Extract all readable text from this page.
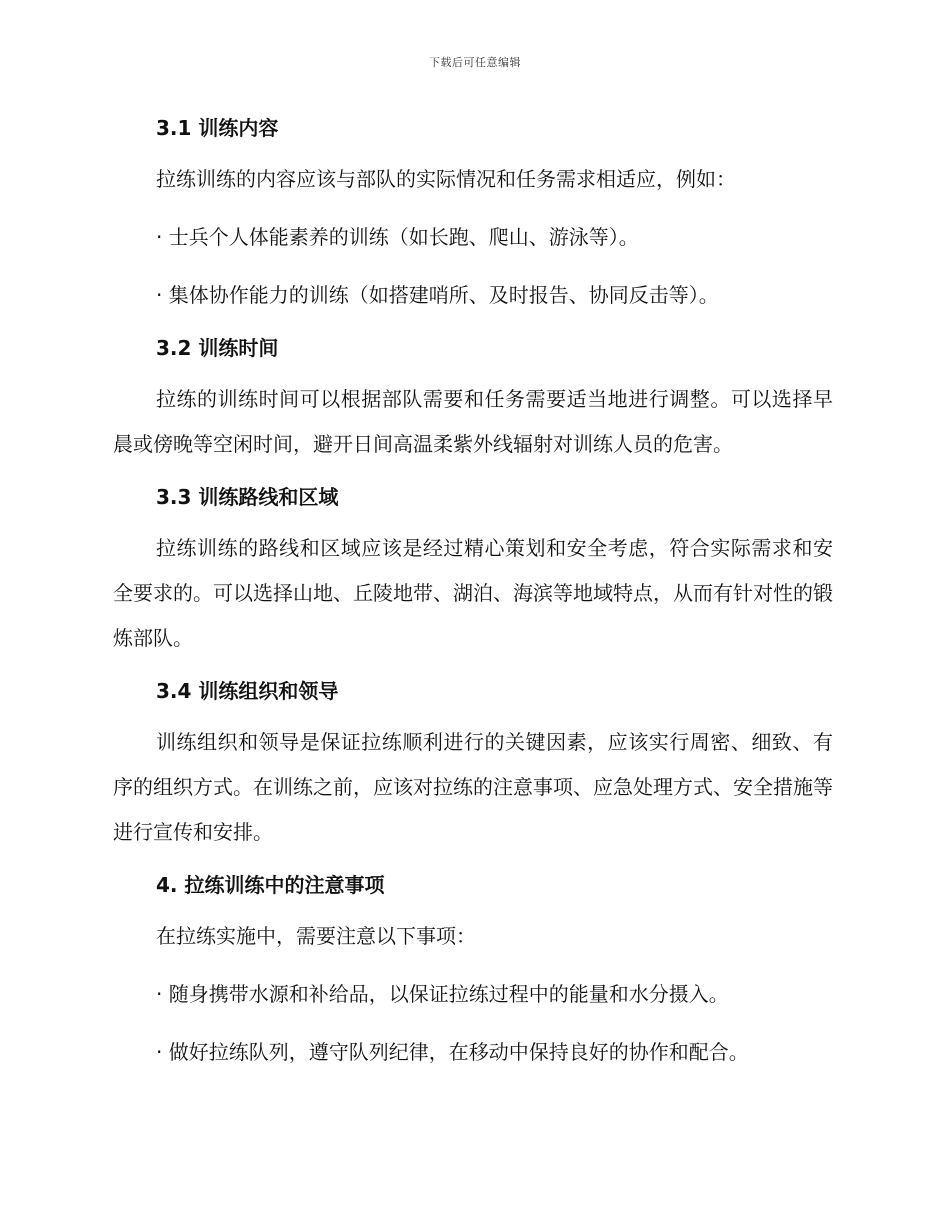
下载后可任意编辑
3.1 训练内容

拉练训练的内容应该与部队的实际情况和任务需求相适应，例如：

· 士兵个人体能素养的训练（如长跑、爬山、游泳等）。

· 集体协作能力的训练（如搭建哨所、及时报告、协同反击等）。

3.2 训练时间

拉练的训练时间可以根据部队需要和任务需要适当地进行调整。可以选择早晨或傍晚等空闲时间，避开日间高温柔紫外线辐射对训练人员的危害。

3.3 训练路线和区域

拉练训练的路线和区域应该是经过精心策划和安全考虑，符合实际需求和安全要求的。可以选择山地、丘陵地带、湖泊、海滨等地域特点，从而有针对性的锻炼部队。

3.4 训练组织和领导

训练组织和领导是保证拉练顺利进行的关键因素，应该实行周密、细致、有序的组织方式。在训练之前，应该对拉练的注意事项、应急处理方式、安全措施等进行宣传和安排。

4. 拉练训练中的注意事项

在拉练实施中，需要注意以下事项：

· 随身携带水源和补给品，以保证拉练过程中的能量和水分摄入。

· 做好拉练队列，遵守队列纪律，在移动中保持良好的协作和配合。
